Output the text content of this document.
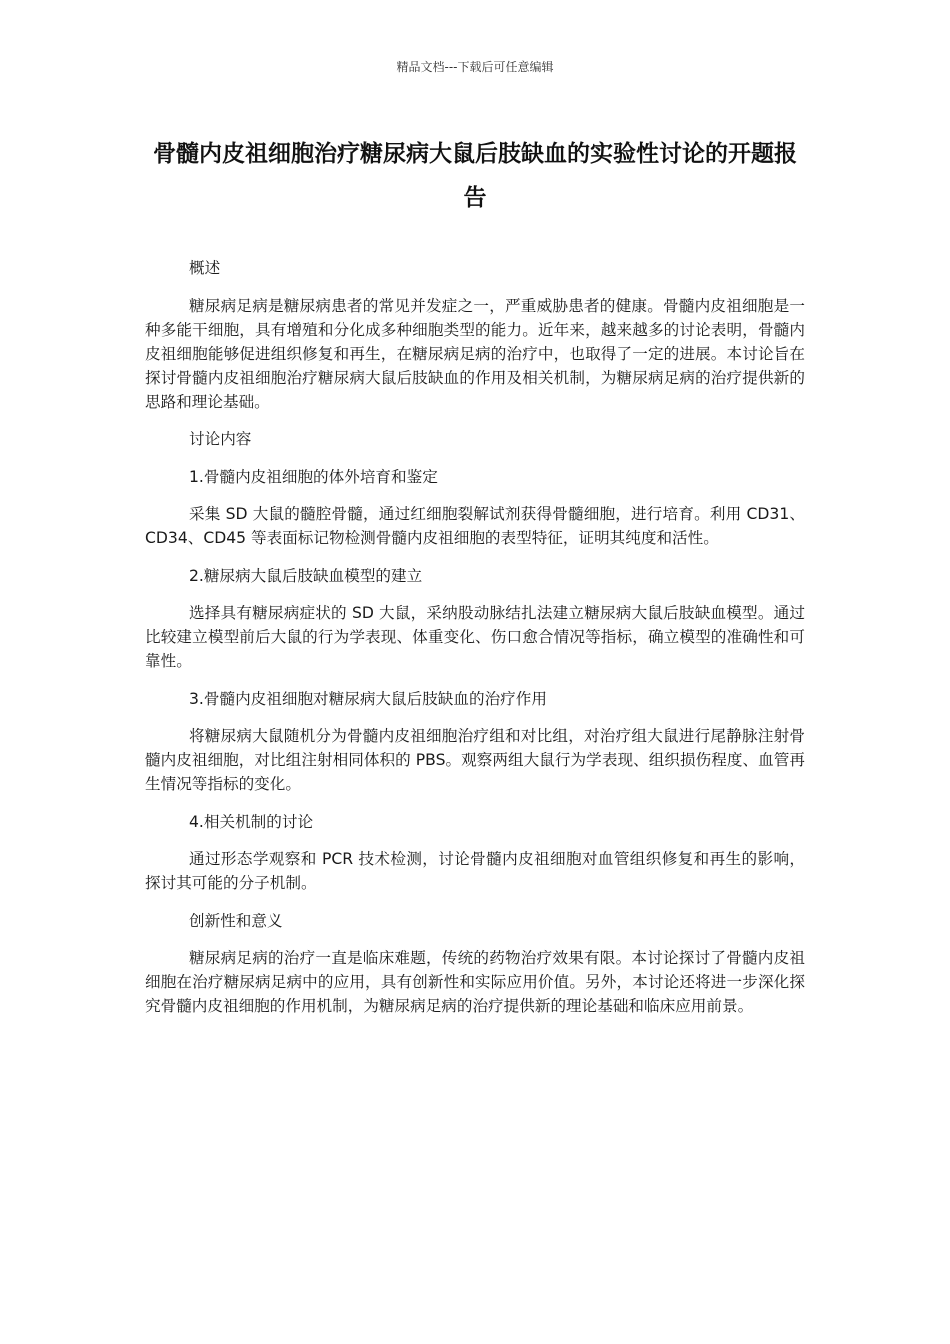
精品文档---下载后可任意编辑
骨髓内皮祖细胞治疗糖尿病大鼠后肢缺血的实验性讨论的开题报告

概述

糖尿病足病是糖尿病患者的常见并发症之一，严重威胁患者的健康。骨髓内皮祖细胞是一种多能干细胞，具有增殖和分化成多种细胞类型的能力。近年来，越来越多的讨论表明，骨髓内皮祖细胞能够促进组织修复和再生，在糖尿病足病的治疗中，也取得了一定的进展。本讨论旨在探讨骨髓内皮祖细胞治疗糖尿病大鼠后肢缺血的作用及相关机制，为糖尿病足病的治疗提供新的思路和理论基础。

讨论内容

1.骨髓内皮祖细胞的体外培育和鉴定

采集 SD 大鼠的髓腔骨髓，通过红细胞裂解试剂获得骨髓细胞，进行培育。利用 CD31、CD34、CD45 等表面标记物检测骨髓内皮祖细胞的表型特征，证明其纯度和活性。

2.糖尿病大鼠后肢缺血模型的建立

选择具有糖尿病症状的 SD 大鼠，采纳股动脉结扎法建立糖尿病大鼠后肢缺血模型。通过比较建立模型前后大鼠的行为学表现、体重变化、伤口愈合情况等指标，确立模型的准确性和可靠性。

3.骨髓内皮祖细胞对糖尿病大鼠后肢缺血的治疗作用

将糖尿病大鼠随机分为骨髓内皮祖细胞治疗组和对比组，对治疗组大鼠进行尾静脉注射骨髓内皮祖细胞，对比组注射相同体积的 PBS。观察两组大鼠行为学表现、组织损伤程度、血管再生情况等指标的变化。

4.相关机制的讨论

通过形态学观察和 PCR 技术检测，讨论骨髓内皮祖细胞对血管组织修复和再生的影响，探讨其可能的分子机制。

创新性和意义

糖尿病足病的治疗一直是临床难题，传统的药物治疗效果有限。本讨论探讨了骨髓内皮祖细胞在治疗糖尿病足病中的应用，具有创新性和实际应用价值。另外，本讨论还将进一步深化探究骨髓内皮祖细胞的作用机制，为糖尿病足病的治疗提供新的理论基础和临床应用前景。
